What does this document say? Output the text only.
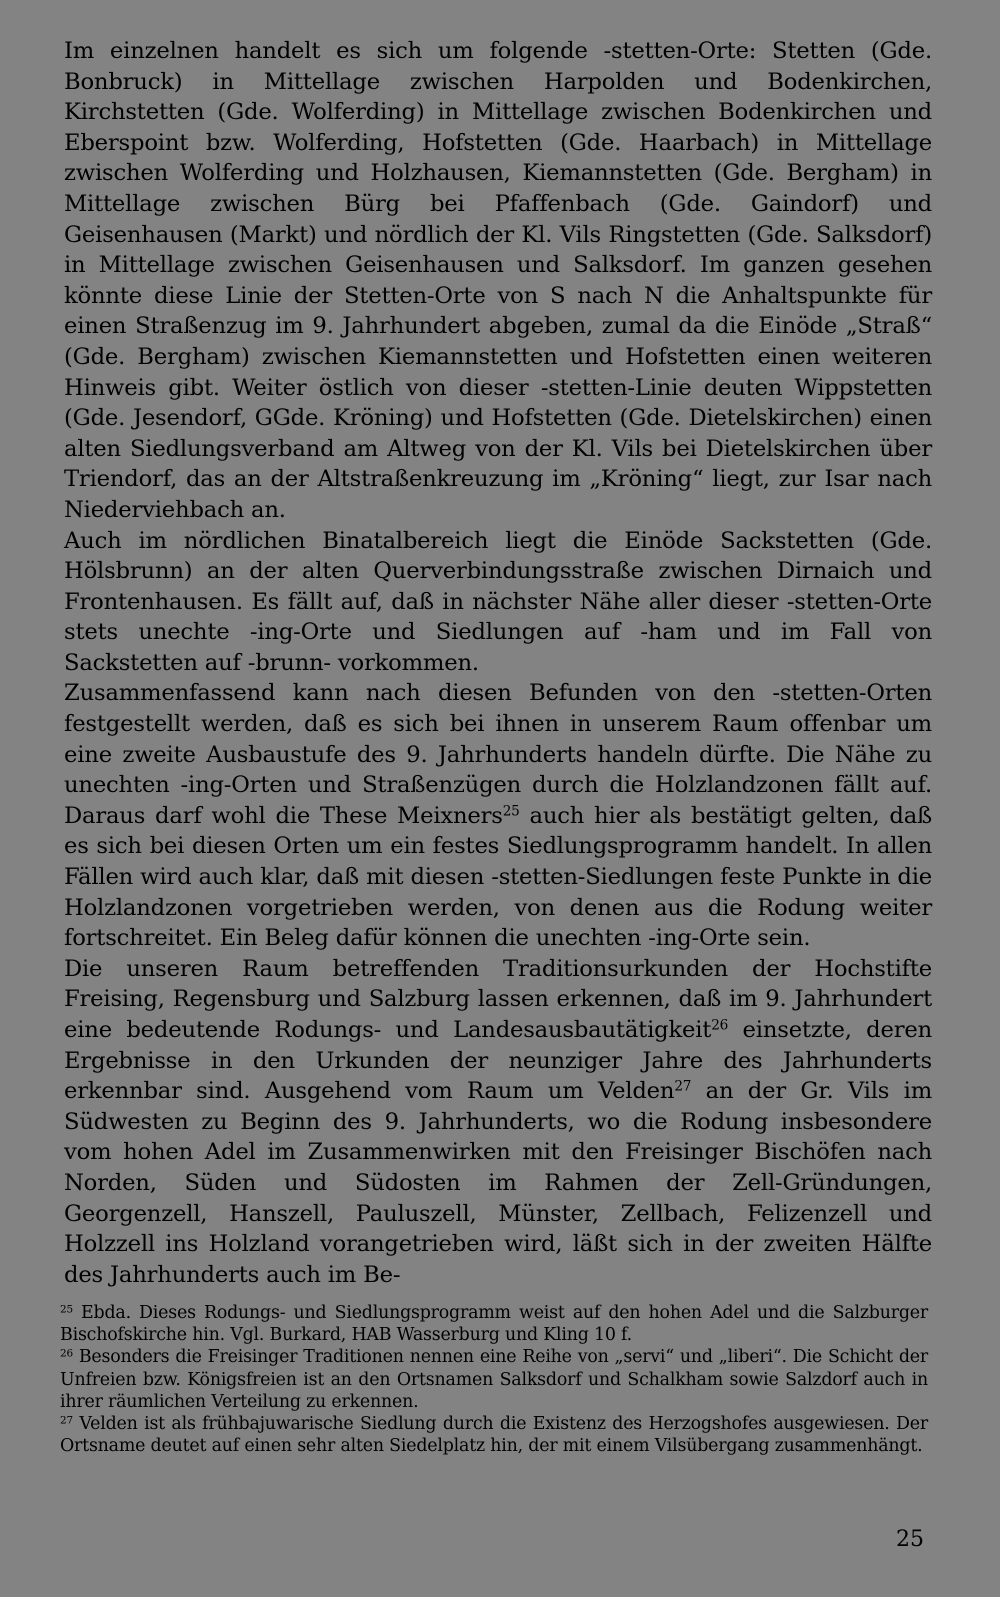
Im einzelnen handelt es sich um folgende -stetten-Orte: Stetten (Gde. Bonbruck) in Mittellage zwischen Harpolden und Bodenkirchen, Kirchstetten (Gde. Wolferding) in Mittellage zwischen Bodenkirchen und Eberspoint bzw. Wolferding, Hofstetten (Gde. Haarbach) in Mittellage zwischen Wolferding und Holzhausen, Kiemannstetten (Gde. Bergham) in Mittellage zwischen Bürg bei Pfaffenbach (Gde. Gaindorf) und Geisenhausen (Markt) und nördlich der Kl. Vils Ringstetten (Gde. Salksdorf) in Mittellage zwischen Geisenhausen und Salksdorf. Im ganzen gesehen könnte diese Linie der Stetten-Orte von S nach N die Anhaltspunkte für einen Straßenzug im 9. Jahrhundert abgeben, zumal da die Einöde „Straß“ (Gde. Bergham) zwischen Kiemannstetten und Hofstetten einen weiteren Hinweis gibt. Weiter östlich von dieser -stetten-Linie deuten Wippstetten (Gde. Jesendorf, GGde. Kröning) und Hofstetten (Gde. Dietelskirchen) einen alten Siedlungsverband am Altweg von der Kl. Vils bei Dietelskirchen über Triendorf, das an der Altstraßenkreuzung im „Kröning“ liegt, zur Isar nach Niederviehbach an.

Auch im nördlichen Binatalbereich liegt die Einöde Sackstetten (Gde. Hölsbrunn) an der alten Querverbindungsstraße zwischen Dirnaich und Frontenhausen. Es fällt auf, daß in nächster Nähe aller dieser -stetten-Orte stets unechte -ing-Orte und Siedlungen auf -ham und im Fall von Sackstetten auf -brunn- vorkommen.

Zusammenfassend kann nach diesen Befunden von den -stetten-Orten festgestellt werden, daß es sich bei ihnen in unserem Raum offenbar um eine zweite Ausbaustufe des 9. Jahrhunderts handeln dürfte. Die Nähe zu unechten -ing-Orten und Straßenzügen durch die Holzlandzonen fällt auf. Daraus darf wohl die These Meixners$^{25}$ auch hier als bestätigt gelten, daß es sich bei diesen Orten um ein festes Siedlungsprogramm handelt. In allen Fällen wird auch klar, daß mit diesen -stetten-Siedlungen feste Punkte in die Holzlandzonen vorgetrieben werden, von denen aus die Rodung weiter fortschreitet. Ein Beleg dafür können die unechten -ing-Orte sein.

Die unseren Raum betreffenden Traditionsurkunden der Hochstifte Freising, Regensburg und Salzburg lassen erkennen, daß im 9. Jahrhundert eine bedeutende Rodungs- und Landesausbautätigkeit$^{26}$ einsetzte, deren Ergebnisse in den Urkunden der neunziger Jahre des Jahrhunderts erkennbar sind. Ausgehend vom Raum um Velden$^{27}$ an der Gr. Vils im Südwesten zu Beginn des 9. Jahrhunderts, wo die Rodung insbesondere vom hohen Adel im Zusammenwirken mit den Freisinger Bischöfen nach Norden, Süden und Südosten im Rahmen der Zell-Gründungen, Georgenzell, Hanszell, Pauluszell, Münster, Zellbach, Felizenzell und Holzzell ins Holzland vorangetrieben wird, läßt sich in der zweiten Hälfte des Jahrhunderts auch im Be-

$^{25}$ Ebda. Dieses Rodungs- und Siedlungsprogramm weist auf den hohen Adel und die Salzburger Bischofskirche hin. Vgl. Burkard, HAB Wasserburg und Kling 10 f.

$^{26}$ Besonders die Freisinger Traditionen nennen eine Reihe von „servi“ und „liberi“. Die Schicht der Unfreien bzw. Königsfreien ist an den Ortsnamen Salksdorf und Schalkham sowie Salzdorf auch in ihrer räumlichen Verteilung zu erkennen.

$^{27}$ Velden ist als frühbajuwarische Siedlung durch die Existenz des Herzogshofes ausgewiesen. Der Ortsname deutet auf einen sehr alten Siedelplatz hin, der mit einem Vilsübergang zusammenhängt.

25
